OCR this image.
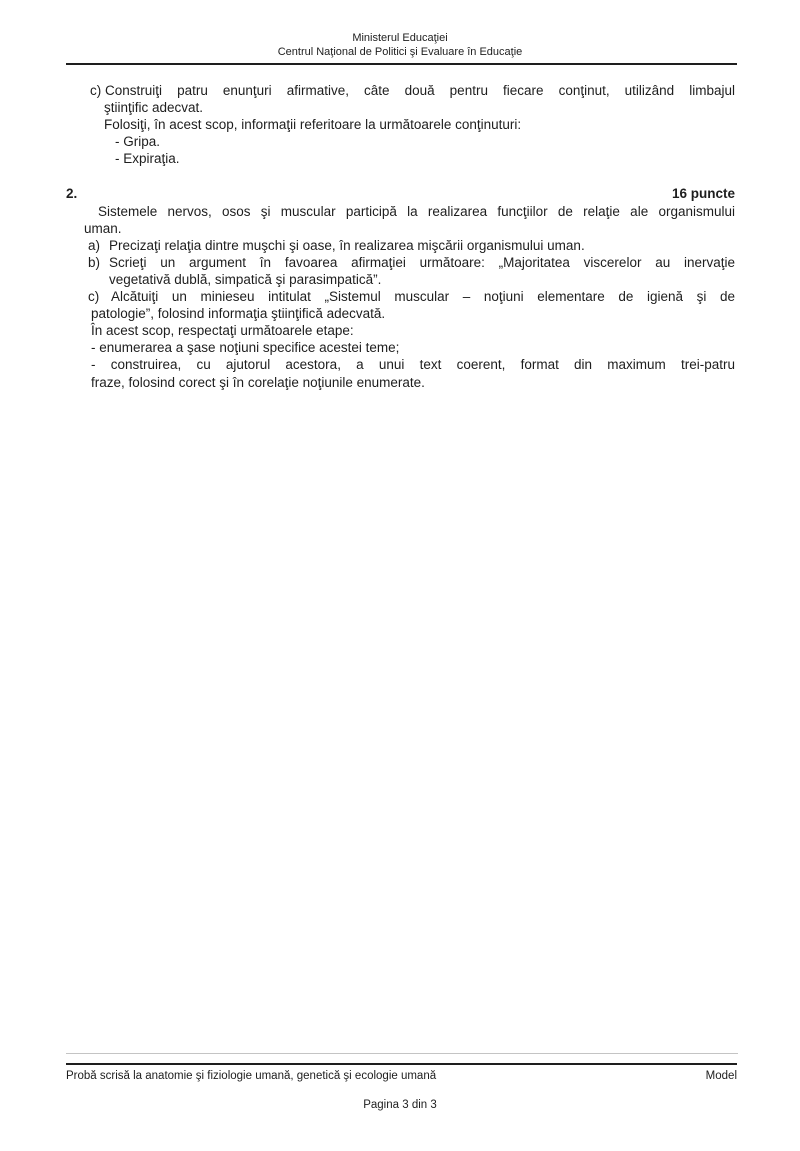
Ministerul Educaţiei
Centrul Naţional de Politici şi Evaluare în Educaţie
c) Construiţi patru enunţuri afirmative, câte două pentru fiecare conţinut, utilizând limbajul
ştiinţific adecvat.
Folosiţi, în acest scop, informaţii referitoare la următoarele conţinuturi:
- Gripa.
- Expiraţia.
2.	16 puncte
Sistemele nervos, osos şi muscular participă la realizarea funcţiilor de relaţie ale organismului
uman.
a) Precizaţi relaţia dintre muşchi şi oase, în realizarea mişcării organismului uman.
b) Scrieţi un argument în favoarea afirmaţiei următoare: „Majoritatea viscerelor au inervaţie
vegetativă dublă, simpatică şi parasimpatică”.
c) Alcătuiţi un minieseu intitulat „Sistemul muscular – noţiuni elementare de igienă şi de
patologie”, folosind informaţia ştiinţifică adecvată.
În acest scop, respectaţi următoarele etape:
- enumerarea a şase noţiuni specifice acestei teme;
- construirea, cu ajutorul acestora, a unui text coerent, format din maximum trei-patru
fraze, folosind corect şi în corelaţie noţiunile enumerate.
Probă scrisă la anatomie şi fiziologie umană, genetică şi ecologie umană	Model
Pagina 3 din 3
